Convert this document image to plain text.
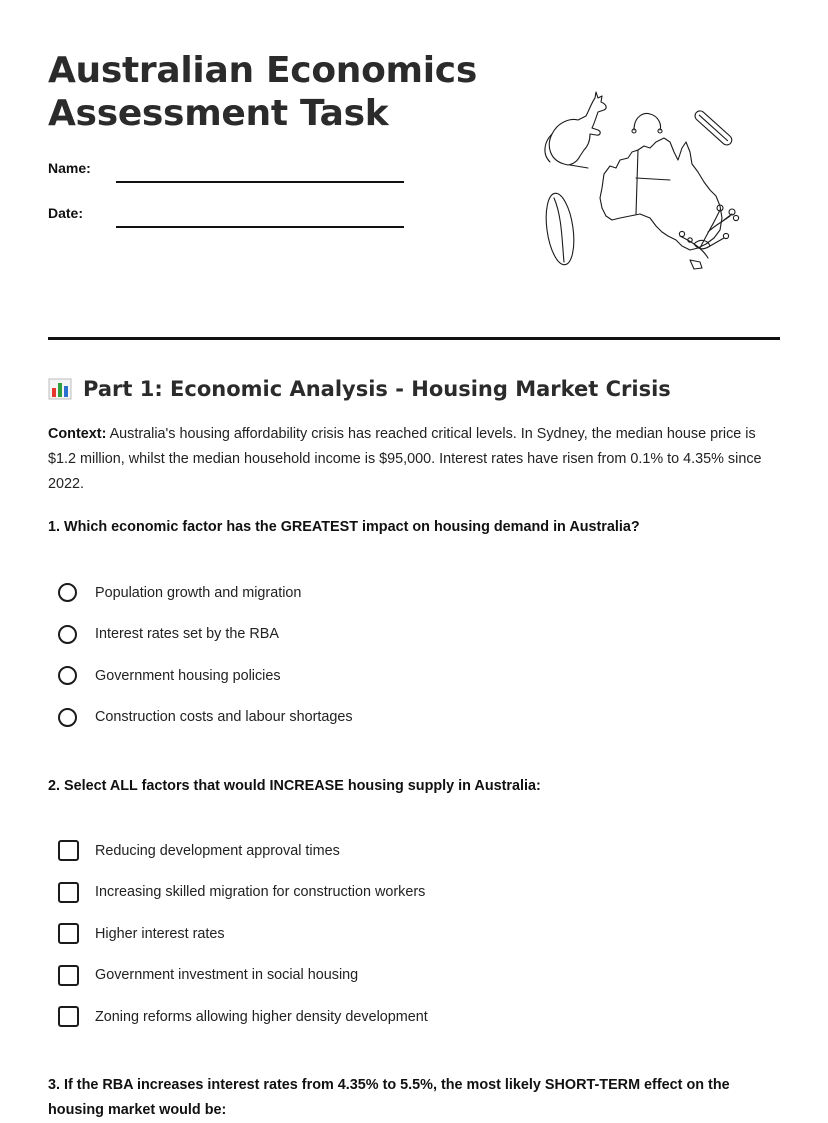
Australian Economics
Assessment Task
Name:
Date:
Part 1: Economic Analysis - Housing Market Crisis

Context: Australia's housing affordability crisis has reached critical levels. In Sydney, the median house price is $1.2 million, whilst the median household income is $95,000. Interest rates have risen from 0.1% to 4.35% since 2022.

1. Which economic factor has the GREATEST impact on housing demand in Australia?

Population growth and migration
Interest rates set by the RBA
Government housing policies
Construction costs and labour shortages

2. Select ALL factors that would INCREASE housing supply in Australia:

Reducing development approval times
Increasing skilled migration for construction workers
Higher interest rates
Government investment in social housing
Zoning reforms allowing higher density development

3. If the RBA increases interest rates from 4.35% to 5.5%, the most likely SHORT-TERM effect on the housing market would be:
